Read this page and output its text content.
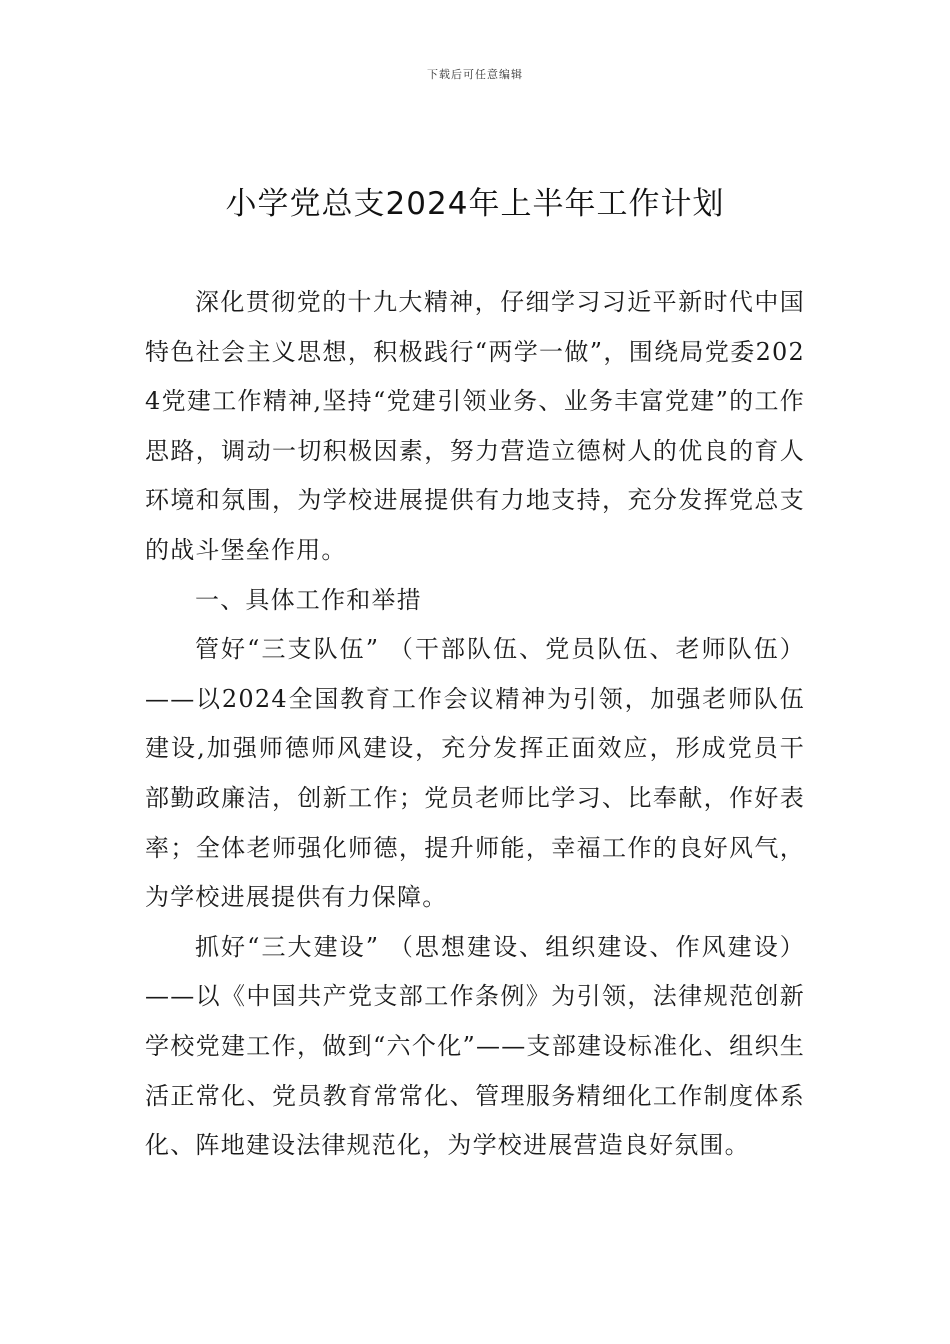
下载后可任意编辑
小学党总支2024年上半年工作计划

深化贯彻党的十九大精神，仔细学习习近平新时代中国特色社会主义思想，积极践行“两学一做”，围绕局党委2024党建工作精神,坚持“党建引领业务、业务丰富党建”的工作思路，调动一切积极因素，努力营造立德树人的优良的育人环境和氛围，为学校进展提供有力地支持，充分发挥党总支的战斗堡垒作用。

一、具体工作和举措

管好“三支队伍” （干部队伍、党员队伍、老师队伍）——以2024全国教育工作会议精神为引领，加强老师队伍建设,加强师德师风建设，充分发挥正面效应，形成党员干部勤政廉洁，创新工作；党员老师比学习、比奉献，作好表率；全体老师强化师德，提升师能，幸福工作的良好风气，为学校进展提供有力保障。

抓好“三大建设” （思想建设、组织建设、作风建设）——以《中国共产党支部工作条例》为引领，法律规范创新学校党建工作，做到“六个化”——支部建设标准化、组织生活正常化、党员教育常常化、管理服务精细化工作制度体系化、阵地建设法律规范化，为学校进展营造良好氛围。
